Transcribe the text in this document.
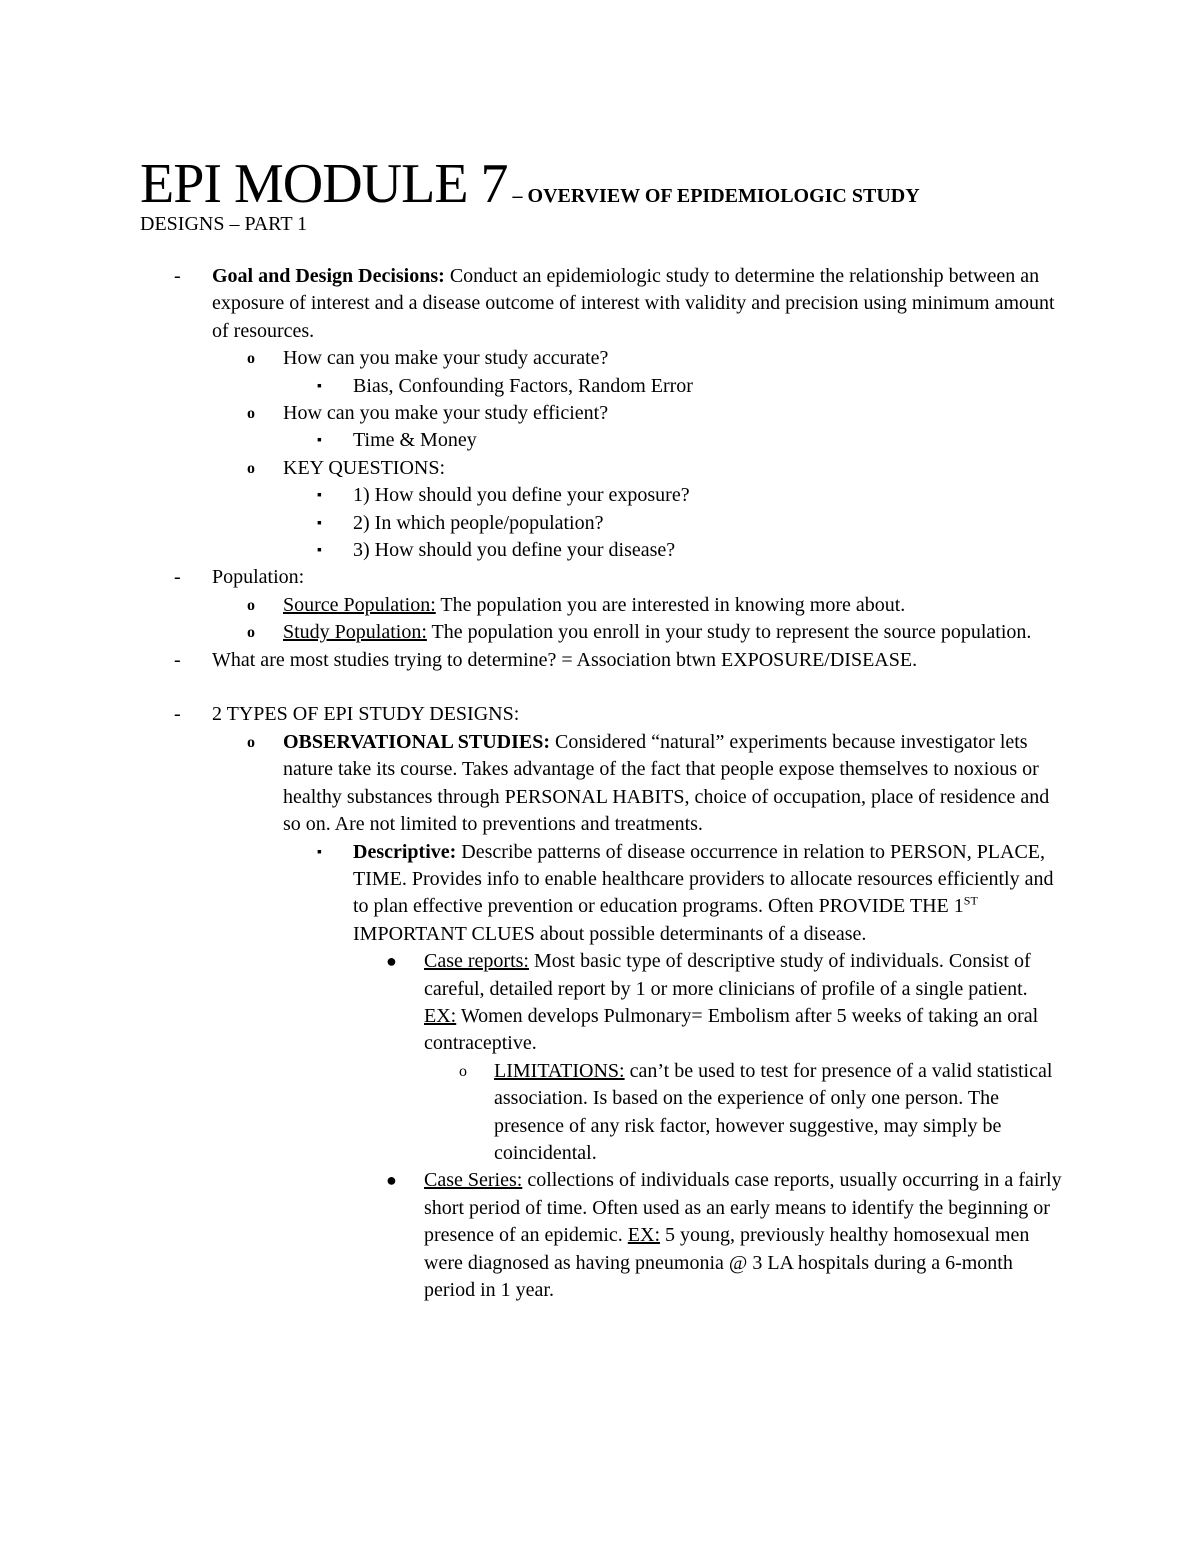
EPI MODULE 7 – OVERVIEW OF EPIDEMIOLOGIC STUDY
DESIGNS – PART 1
- Goal and Design Decisions: Conduct an epidemiologic study to determine the relationship between an exposure of interest and a disease outcome of interest with validity and precision using minimum amount of resources.
o How can you make your study accurate?
▪ Bias, Confounding Factors, Random Error
o How can you make your study efficient?
▪ Time & Money
o KEY QUESTIONS:
▪ 1) How should you define your exposure?
▪ 2) In which people/population?
▪ 3) How should you define your disease?
- Population:
o Source Population: The population you are interested in knowing more about.
o Study Population: The population you enroll in your study to represent the source population.
- What are most studies trying to determine? = Association btwn EXPOSURE/DISEASE.
- 2 TYPES OF EPI STUDY DESIGNS:
o OBSERVATIONAL STUDIES: Considered “natural” experiments because investigator lets nature take its course. Takes advantage of the fact that people expose themselves to noxious or healthy substances through PERSONAL HABITS, choice of occupation, place of residence and so on. Are not limited to preventions and treatments.
▪ Descriptive: Describe patterns of disease occurrence in relation to PERSON, PLACE, TIME. Provides info to enable healthcare providers to allocate resources efficiently and to plan effective prevention or education programs. Often PROVIDE THE 1ST IMPORTANT CLUES about possible determinants of a disease.
● Case reports: Most basic type of descriptive study of individuals. Consist of careful, detailed report by 1 or more clinicians of profile of a single patient. EX: Women develops Pulmonary= Embolism after 5 weeks of taking an oral contraceptive.
o LIMITATIONS: can’t be used to test for presence of a valid statistical association. Is based on the experience of only one person. The presence of any risk factor, however suggestive, may simply be coincidental.
● Case Series: collections of individuals case reports, usually occurring in a fairly short period of time. Often used as an early means to identify the beginning or presence of an epidemic. EX: 5 young, previously healthy homosexual men were diagnosed as having pneumonia @ 3 LA hospitals during a 6-month period in 1 year.
